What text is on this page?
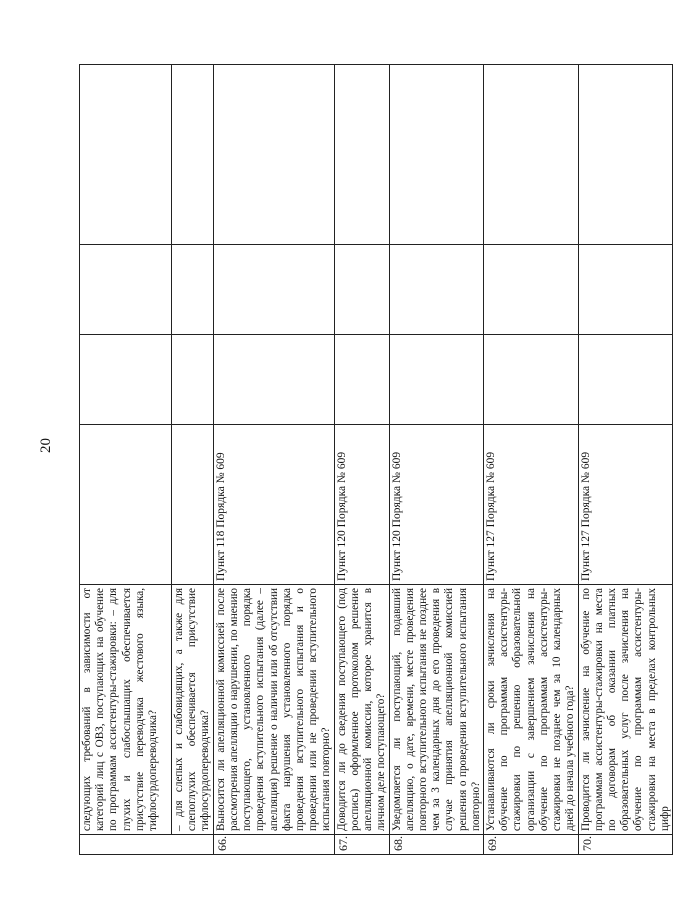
20
	следующих требований в зависимости от категорий лиц с ОВЗ, поступающих на обучение по программам ассистентуры-стажировки: – для глухих и слабослышащих обеспечивается присутствие переводчика жестового языка, тифлосурдопереводчика?				
	– для слепых и слабовидящих, а также для слепоглухих обеспечивается присутствие тифлосурдопереводчика?				
66.	Выносится ли апелляционной комиссией после рассмотрения апелляции о нарушении, по мнению поступающего, установленного порядка проведения вступительного испытания (далее – апелляция) решение о наличии или об отсутствии факта нарушения установленного порядка проведения вступительного испытания и о проведении или не проведении вступительного испытания повторно?	Пункт 118 Порядка № 609			
67.	Доводится ли до сведения поступающего (под роспись) оформленное протоколом решение апелляционной комиссии, которое хранится в личном деле поступающего?	Пункт 120 Порядка № 609			
68.	Уведомляется ли поступающий, подавший апелляцию, о дате, времени, месте проведения повторного вступительного испытания не позднее чем за 3 календарных дня до его проведения в случае принятия апелляционной комиссией решения о проведении вступительного испытания повторно?	Пункт 120 Порядка № 609			
69.	Устанавливаются ли сроки зачисления на обучение по программам ассистентуры-стажировки по решению образовательной организации с завершением зачисления на обучение по программам ассистентуры-стажировки не позднее чем за 10 календарных дней до начала учебного года?	Пункт 127 Порядка № 609			
70.	Проводится ли зачисление на обучение по программам ассистентуры-стажировки на места по договорам об оказании платных образовательных услуг после зачисления на обучение по программам ассистентуры-стажировки на места в пределах контрольных цифр	Пункт 127 Порядка № 609			
